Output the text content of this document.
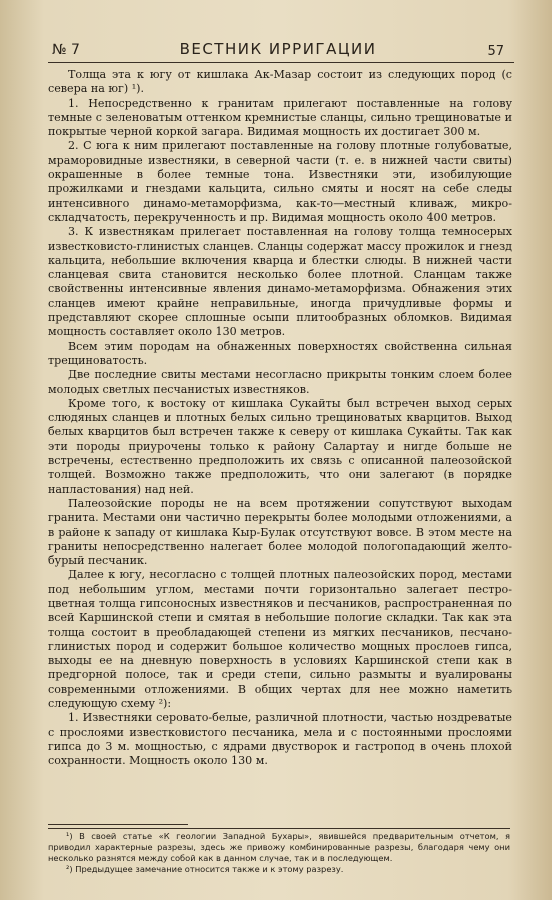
№ 7	ВЕСТНИК ИРРИГАЦИИ	57

Толща эта к югу от кишлака Ак-Мазар состоит из следующих пород (с севера на юг) ¹).

1. Непосредственно к гранитам прилегают поставленные на голову темные с зеленоватым оттенком кремнистые сланцы, сильно трещиноватые и покрытые черной коркой загара. Видимая мощность их достигает 300 м.

2. С юга к ним прилегают поставленные на голову плотные голубоватые, мраморовидные известняки, в северной части (т. е. в нижней части свиты) окрашенные в более темные тона. Известняки эти, изобилующие прожилками и гнездами кальцита, сильно смяты и носят на себе следы интенсивного динамо-метаморфизма, как-то—местный кливаж, микро-складчатость, перекрученность и пр. Видимая мощность около 400 метров.

3. К известнякам прилегает поставленная на голову толща темносерых известковисто-глинистых сланцев. Сланцы содержат массу прожилок и гнезд кальцита, небольшие включения кварца и блестки слюды. В нижней части сланцевая свита становится несколько более плотной. Сланцам также свойственны интенсивные явления динамо-метаморфизма. Обнажения этих сланцев имеют крайне неправильные, иногда причудливые формы и представляют скорее сплошные осыпи плитообразных обломков. Видимая мощность составляет около 130 метров.

Всем этим породам на обнаженных поверхностях свойственна сильная трещиноватость.

Две последние свиты местами несогласно прикрыты тонким слоем более молодых светлых песчанистых известняков.

Кроме того, к востоку от кишлака Сукайты был встречен выход серых слюдяных сланцев и плотных белых сильно трещиноватых кварцитов. Выход белых кварцитов был встречен также к северу от кишлака Сукайты. Так как эти породы приурочены только к району Салартау и нигде больше не встречены, естественно предположить их связь с описанной палеозойской толщей. Возможно также предположить, что они залегают (в порядке напластования) над ней.

Палеозойские породы не на всем протяжении сопутствуют выходам гранита. Местами они частично перекрыты более молодыми отложениями, а в районе к западу от кишлака Кыр-Булак отсутствуют вовсе. В этом месте на граниты непосредственно налегает более молодой пологопадающий желто-бурый песчаник.

Далее к югу, несогласно с толщей плотных палеозойских пород, местами под небольшим углом, местами почти горизонтально залегает пестро-цветная толща гипсоносных известняков и песчаников, распространенная по всей Каршинской степи и смятая в небольшие пологие складки. Так как эта толща состоит в преобладающей степени из мягких песчаников, песчано-глинистых пород и содержит большое количество мощных прослоев гипса, выходы ее на дневную поверхность в условиях Каршинской степи как в предгорной полосе, так и среди степи, сильно размыты и вуалированы современными отложениями. В общих чертах для нее можно наметить следующую схему ²):

1. Известняки серовато-белые, различной плотности, частью ноздреватые с прослоями известковистого песчаника, мела и с постоянными прослоями гипса до 3 м. мощностью, с ядрами двустворок и гастропод в очень плохой сохранности. Мощность около 130 м.

¹) В своей статье «К геологии Западной Бухары», явившейся предварительным отчетом, я приводил характерные разрезы, здесь же привожу комбинированные разрезы, благодаря чему они несколько разнятся между собой как в данном случае, так и в последующем.

²) Предыдущее замечание относится также и к этому разрезу.
